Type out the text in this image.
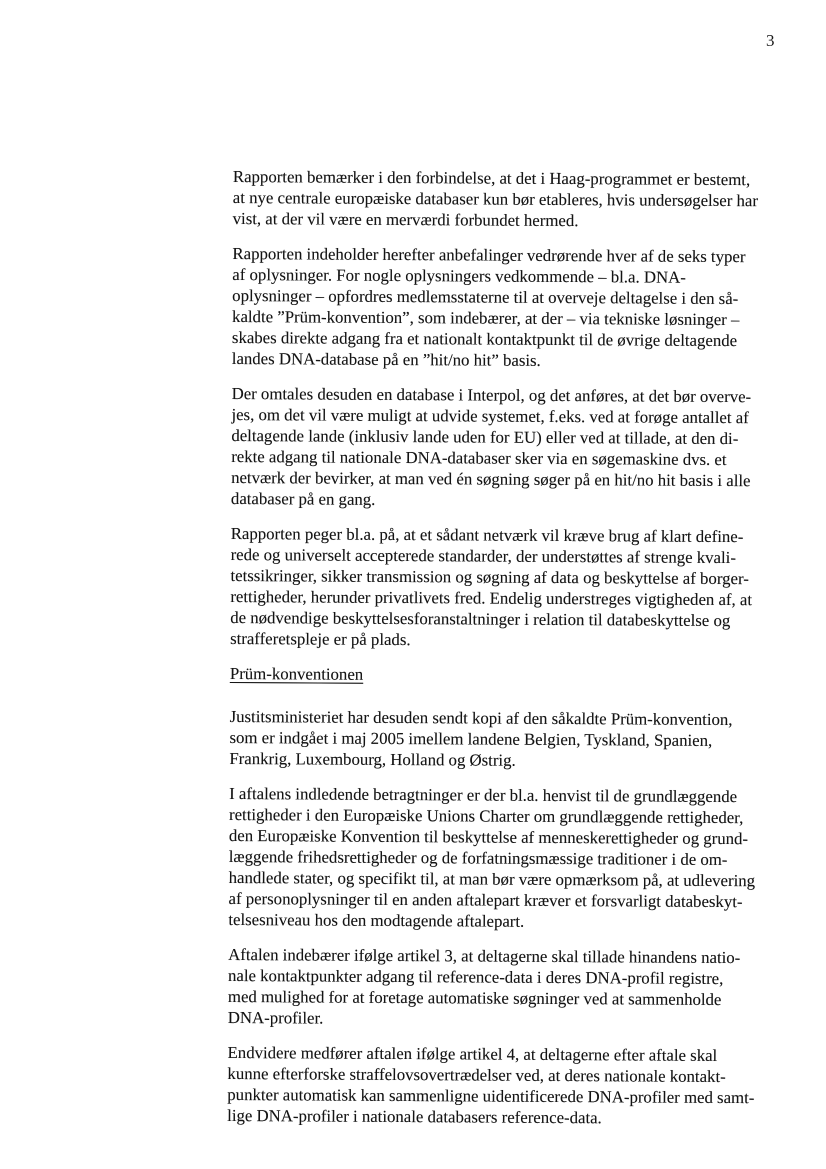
3
Rapporten bemærker i den forbindelse, at det i Haag-programmet er bestemt,
at nye centrale europæiske databaser kun bør etableres, hvis undersøgelser har
vist, at der vil være en merværdi forbundet hermed.
Rapporten indeholder herefter anbefalinger vedrørende hver af de seks typer
af oplysninger. For nogle oplysningers vedkommende – bl.a. DNA-
oplysninger – opfordres medlemsstaterne til at overveje deltagelse i den så-
kaldte ”Prüm-konvention”, som indebærer, at der – via tekniske løsninger –
skabes direkte adgang fra et nationalt kontaktpunkt til de øvrige deltagende
landes DNA-database på en ”hit/no hit” basis.
Der omtales desuden en database i Interpol, og det anføres, at det bør overve-
jes, om det vil være muligt at udvide systemet, f.eks. ved at forøge antallet af
deltagende lande (inklusiv lande uden for EU) eller ved at tillade, at den di-
rekte adgang til nationale DNA-databaser sker via en søgemaskine dvs. et
netværk der bevirker, at man ved én søgning søger på en hit/no hit basis i alle
databaser på en gang.
Rapporten peger bl.a. på, at et sådant netværk vil kræve brug af klart define-
rede og universelt accepterede standarder, der understøttes af strenge kvali-
tetssikringer, sikker transmission og søgning af data og beskyttelse af borger-
rettigheder, herunder privatlivets fred. Endelig understreges vigtigheden af, at
de nødvendige beskyttelsesforanstaltninger i relation til databeskyttelse og
strafferetspleje er på plads.
Prüm-konventionen
Justitsministeriet har desuden sendt kopi af den såkaldte Prüm-konvention,
som er indgået i maj 2005 imellem landene Belgien, Tyskland, Spanien,
Frankrig, Luxembourg, Holland og Østrig.
I aftalens indledende betragtninger er der bl.a. henvist til de grundlæggende
rettigheder i den Europæiske Unions Charter om grundlæggende rettigheder,
den Europæiske Konvention til beskyttelse af menneskerettigheder og grund-
læggende frihedsrettigheder og de forfatningsmæssige traditioner i de om-
handlede stater, og specifikt til, at man bør være opmærksom på, at udlevering
af personoplysninger til en anden aftalepart kræver et forsvarligt databeskyt-
telsesniveau hos den modtagende aftalepart.
Aftalen indebærer ifølge artikel 3, at deltagerne skal tillade hinandens natio-
nale kontaktpunkter adgang til reference-data i deres DNA-profil registre,
med mulighed for at foretage automatiske søgninger ved at sammenholde
DNA-profiler.
Endvidere medfører aftalen ifølge artikel 4, at deltagerne efter aftale skal
kunne efterforske straffelovsovertrædelser ved, at deres nationale kontakt-
punkter automatisk kan sammenligne uidentificerede DNA-profiler med samt-
lige DNA-profiler i nationale databasers reference-data.
